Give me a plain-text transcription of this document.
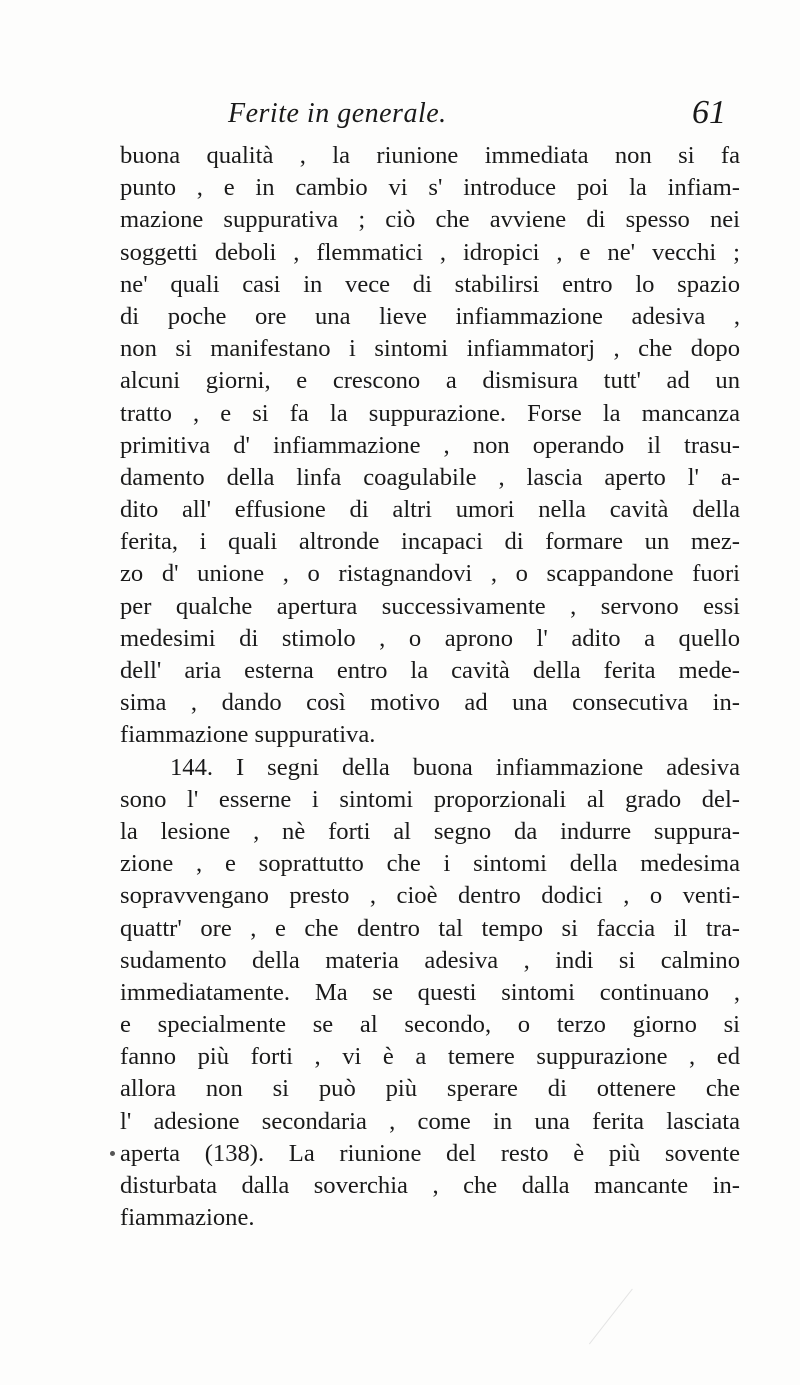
Ferite in generale.	61
buona qualità , la riunione immediata non si fa
punto , e in cambio vi s' introduce poi la infiam-
mazione suppurativa ; ciò che avviene di spesso nei
soggetti deboli , flemmatici , idropici , e ne' vecchi ;
ne' quali casi in vece di stabilirsi entro lo spazio
di poche ore una lieve infiammazione adesiva ,
non si manifestano i sintomi infiammatorj , che dopo
alcuni giorni, e crescono a dismisura tutt' ad un
tratto , e si fa la suppurazione. Forse la mancanza
primitiva d' infiammazione , non operando il trasu-
damento della linfa coagulabile , lascia aperto l' a-
dito all' effusione di altri umori nella cavità della
ferita, i quali altronde incapaci di formare un mez-
zo d' unione , o ristagnandovi , o scappandone fuori
per qualche apertura successivamente , servono essi
medesimi di stimolo , o aprono l' adito a quello
dell' aria esterna entro la cavità della ferita mede-
sima , dando così motivo ad una consecutiva in-
fiammazione suppurativa.
144. I segni della buona infiammazione adesiva
sono l' esserne i sintomi proporzionali al grado del-
la lesione , nè forti al segno da indurre suppura-
zione , e soprattutto che i sintomi della medesima
sopravvengano presto , cioè dentro dodici , o venti-
quattr' ore , e che dentro tal tempo si faccia il tra-
sudamento della materia adesiva , indi si calmino
immediatamente. Ma se questi sintomi continuano ,
e specialmente se al secondo, o terzo giorno si
fanno più forti , vi è a temere suppurazione , ed
allora non si può più sperare di ottenere che
l' adesione secondaria , come in una ferita lasciata
aperta (138). La riunione del resto è più sovente
disturbata dalla soverchia , che dalla mancante in-
fiammazione.
